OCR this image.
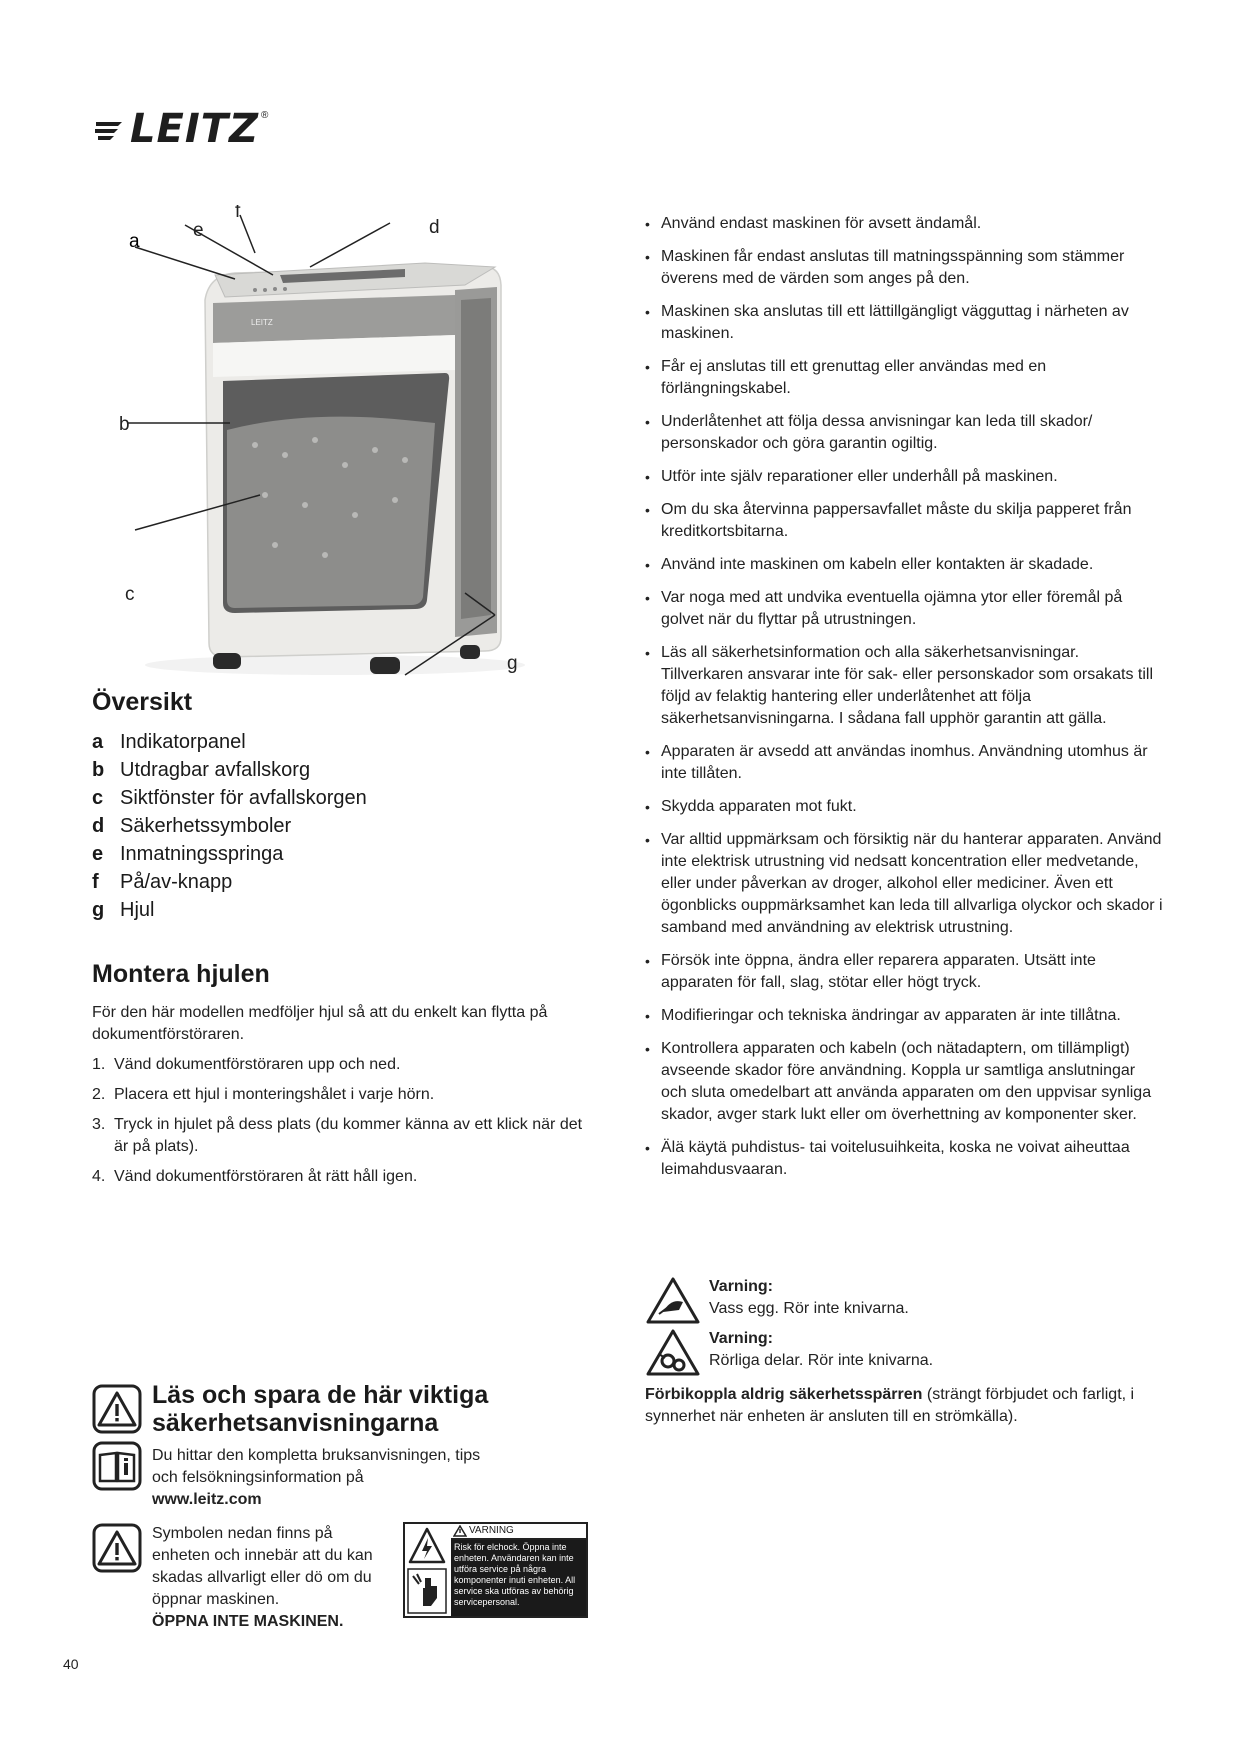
LEITZ ®
LEITZ
a
e
f
d
b
c
g
Översikt
a Indikatorpanel
b Utdragbar avfallskorg
c Siktfönster för avfallskorgen
d Säkerhetssymboler
e Inmatningsspringa
f	På/av-knapp
g Hjul
Montera hjulen
För den här modellen medföljer hjul så att du enkelt kan flytta på dokumentförstöraren.
1. Vänd dokumentförstöraren upp och ned.
2. Placera ett hjul i monteringshålet i varje hörn.
3. Tryck in hjulet på dess plats (du kommer känna av ett klick när det är på plats).
4. Vänd dokumentförstöraren åt rätt håll igen.
• Använd endast maskinen för avsett ändamål.
• Maskinen får endast anslutas till matningsspänning som stämmer överens med de värden som anges på den.
• Maskinen ska anslutas till ett lättillgängligt vägguttag i närheten av maskinen.
• Får ej anslutas till ett grenuttag eller användas med en förlängningskabel.
• Underlåtenhet att följa dessa anvisningar kan leda till skador/ personskador och göra garantin ogiltig.
• Utför inte själv reparationer eller underhåll på maskinen.
• Om du ska återvinna pappersavfallet måste du skilja papperet från kreditkortsbitarna.
• Använd inte maskinen om kabeln eller kontakten är skadade.
• Var noga med att undvika eventuella ojämna ytor eller föremål på golvet när du flyttar på utrustningen.
• Läs all säkerhetsinformation och alla säkerhetsanvisningar. Tillverkaren ansvarar inte för sak- eller personskador som orsakats till följd av felaktig hantering eller underlåtenhet att följa säkerhetsanvisningarna. I sådana fall upphör garantin att gälla.
• Apparaten är avsedd att användas inomhus. Användning utomhus är inte tillåten.
• Skydda apparaten mot fukt.
• Var alltid uppmärksam och försiktig när du hanterar apparaten. Använd inte elektrisk utrustning vid nedsatt koncentration eller medvetande, eller under påverkan av droger, alkohol eller mediciner. Även ett ögonblicks ouppmärksamhet kan leda till allvarliga olyckor och skador i samband med användning av elektrisk utrustning.
• Försök inte öppna, ändra eller reparera apparaten. Utsätt inte apparaten för fall, slag, stötar eller högt tryck.
• Modifieringar och tekniska ändringar av apparaten är inte tillåtna.
• Kontrollera apparaten och kabeln (och nätadaptern, om tillämpligt) avseende skador före användning. Koppla ur samtliga anslutningar och sluta omedelbart att använda apparaten om den uppvisar synliga skador, avger stark lukt eller om överhettning av komponenter sker.
• Älä käytä puhdistus- tai voitelusuihkeita, koska ne voivat aiheuttaa leimahdusvaaran.
Varning:
Vass egg. Rör inte knivarna.
Varning:
Rörliga delar. Rör inte knivarna.
Förbikoppla aldrig säkerhetsspärren (strängt förbjudet och farligt, i synnerhet när enheten är ansluten till en strömkälla).
Läs och spara de här viktiga säkerhetsanvisningarna
Du hittar den kompletta bruksanvisningen, tips och felsökningsinformation på
www.leitz.com
Symbolen nedan finns på enheten och innebär att du kan skadas allvarligt eller dö om du öppnar maskinen.
ÖPPNA INTE MASKINEN.
VARNING
Risk för elchock. Öppna inte enheten. Användaren kan inte utföra service på några komponenter inuti enheten. All service ska utföras av behörig servicepersonal.
40
